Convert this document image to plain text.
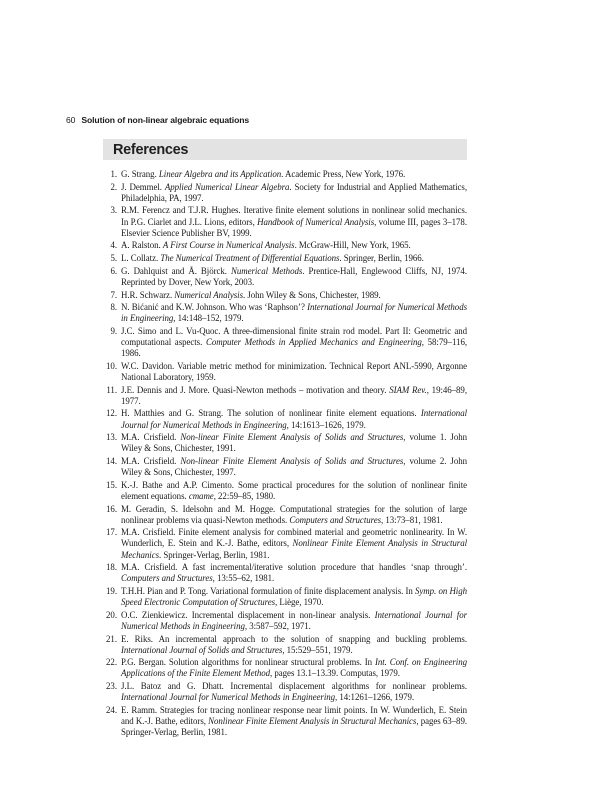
60 Solution of non-linear algebraic equations
References
1. G. Strang. Linear Algebra and its Application. Academic Press, New York, 1976.
2. J. Demmel. Applied Numerical Linear Algebra. Society for Industrial and Applied Mathematics, Philadelphia, PA, 1997.
3. R.M. Ferencz and T.J.R. Hughes. Iterative finite element solutions in nonlinear solid mechanics. In P.G. Ciarlet and J.L. Lions, editors, Handbook of Numerical Analysis, volume III, pages 3–178. Elsevier Science Publisher BV, 1999.
4. A. Ralston. A First Course in Numerical Analysis. McGraw-Hill, New York, 1965.
5. L. Collatz. The Numerical Treatment of Differential Equations. Springer, Berlin, 1966.
6. G. Dahlquist and Å. Björck. Numerical Methods. Prentice-Hall, Englewood Cliffs, NJ, 1974. Reprinted by Dover, New York, 2003.
7. H.R. Schwarz. Numerical Analysis. John Wiley & Sons, Chichester, 1989.
8. N. Bićanić and K.W. Johnson. Who was ‘Raphson’? International Journal for Numerical Methods in Engineering, 14:148–152, 1979.
9. J.C. Simo and L. Vu-Quoc. A three-dimensional finite strain rod model. Part II: Geometric and computational aspects. Computer Methods in Applied Mechanics and Engineering, 58:79–116, 1986.
10. W.C. Davidon. Variable metric method for minimization. Technical Report ANL-5990, Argonne National Laboratory, 1959.
11. J.E. Dennis and J. More. Quasi-Newton methods – motivation and theory. SIAM Rev., 19:46–89, 1977.
12. H. Matthies and G. Strang. The solution of nonlinear finite element equations. International Journal for Numerical Methods in Engineering, 14:1613–1626, 1979.
13. M.A. Crisfield. Non-linear Finite Element Analysis of Solids and Structures, volume 1. John Wiley & Sons, Chichester, 1991.
14. M.A. Crisfield. Non-linear Finite Element Analysis of Solids and Structures, volume 2. John Wiley & Sons, Chichester, 1997.
15. K.-J. Bathe and A.P. Cimento. Some practical procedures for the solution of nonlinear finite element equations. cmame, 22:59–85, 1980.
16. M. Geradin, S. Idelsohn and M. Hogge. Computational strategies for the solution of large nonlinear problems via quasi-Newton methods. Computers and Structures, 13:73–81, 1981.
17. M.A. Crisfield. Finite element analysis for combined material and geometric nonlinearity. In W. Wunderlich, E. Stein and K.-J. Bathe, editors, Nonlinear Finite Element Analysis in Structural Mechanics. Springer-Verlag, Berlin, 1981.
18. M.A. Crisfield. A fast incremental/iterative solution procedure that handles ‘snap through’. Computers and Structures, 13:55–62, 1981.
19. T.H.H. Pian and P. Tong. Variational formulation of finite displacement analysis. In Symp. on High Speed Electronic Computation of Structures, Liège, 1970.
20. O.C. Zienkiewicz. Incremental displacement in non-linear analysis. International Journal for Numerical Methods in Engineering, 3:587–592, 1971.
21. E. Riks. An incremental approach to the solution of snapping and buckling problems. International Journal of Solids and Structures, 15:529–551, 1979.
22. P.G. Bergan. Solution algorithms for nonlinear structural problems. In Int. Conf. on Engineering Applications of the Finite Element Method, pages 13.1–13.39. Computas, 1979.
23. J.L. Batoz and G. Dhatt. Incremental displacement algorithms for nonlinear problems. International Journal for Numerical Methods in Engineering, 14:1261–1266, 1979.
24. E. Ramm. Strategies for tracing nonlinear response near limit points. In W. Wunderlich, E. Stein and K.-J. Bathe, editors, Nonlinear Finite Element Analysis in Structural Mechanics, pages 63–89. Springer-Verlag, Berlin, 1981.
